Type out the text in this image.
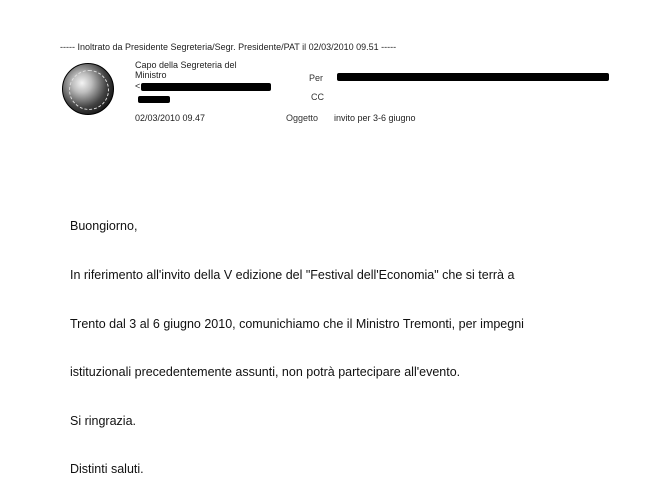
----- Inoltrato da Presidente Segreteria/Segr. Presidente/PAT il 02/03/2010 09.51 -----
Capo della Segreteria del
Ministro
<
02/03/2010 09.47
Per
CC
Oggetto invito per 3-6 giugno

Buongiorno,

In riferimento all'invito della V edizione del "Festival dell'Economia" che si terrà a

Trento dal 3 al 6 giugno 2010, comunichiamo che il Ministro Tremonti, per impegni

istituzionali precedentemente assunti, non potrà partecipare all'evento.

Si ringrazia.

Distinti saluti.
